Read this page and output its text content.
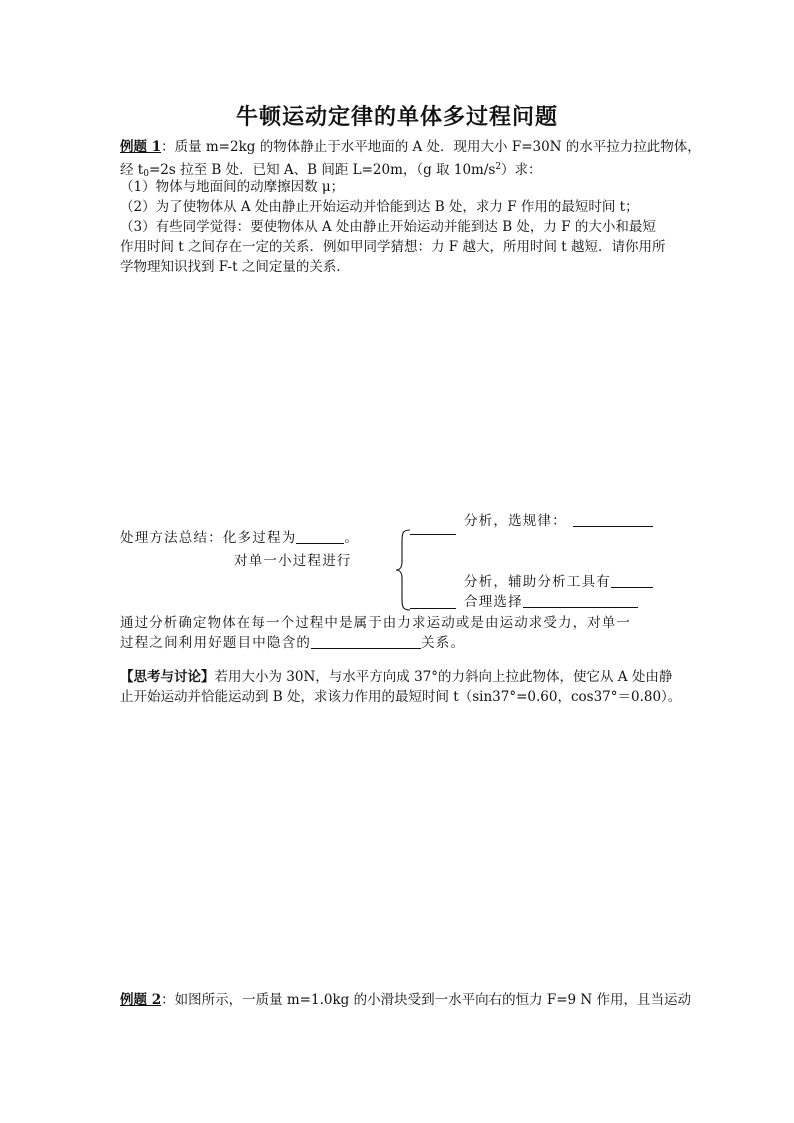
牛顿运动定律的单体多过程问题
例题 1：质量 m=2kg 的物体静止于水平地面的 A 处．现用大小 F=30N 的水平拉力拉此物体，
经 $t_0=2s$ 拉至 B 处．已知 A、B 间距 L=20m，（g 取 $10m/s^2$）求：
（1）物体与地面间的动摩擦因数 μ；
（2）为了使物体从 A 处由静止开始运动并恰能到达 B 处，求力 F 作用的最短时间 t；
（3）有些同学觉得：要使物体从 A 处由静止开始运动并能到达 B 处，力 F 的大小和最短
作用时间 t 之间存在一定的关系．例如甲同学猜想：力 F 越大，所用时间 t 越短．请你用所
学物理知识找到 F-t 之间定量的关系．
分析，选规律：
处理方法总结：化多过程为	。
对单一小过程进行
分析，辅助分析工具有
合理选择
通过分析确定物体在每一个过程中是属于由力求运动或是由运动求受力，对单一
过程之间利用好题目中隐含的	关系。
【思考与讨论】若用大小为 30N，与水平方向成 37°的力斜向上拉此物体，使它从 A 处由静
止开始运动并恰能运动到 B 处，求该力作用的最短时间 t（sin37°=0.60，cos37°＝0.80）。
例题 2：如图所示，一质量 m=1.0kg 的小滑块受到一水平向右的恒力 F=9 N 作用，且当运动
